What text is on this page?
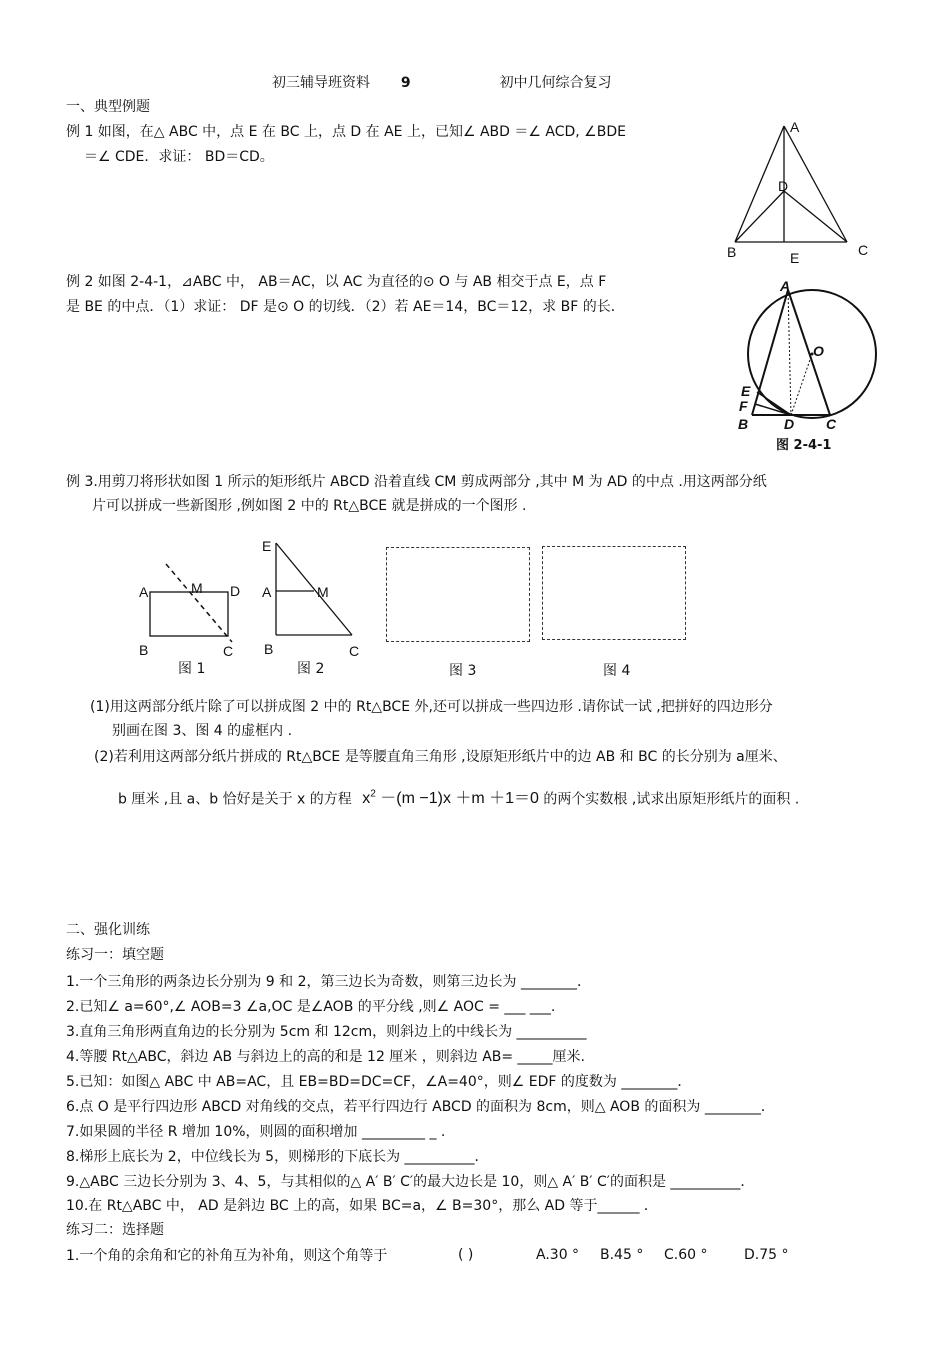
初三辅导班资料 9	初中几何综合复习
一、典型例题
例 1 如图，在△ ABC 中，点 E 在 BC 上，点 D 在 AE 上，已知∠ ABD ＝∠ ACD, ∠BDE
＝∠ CDE．求证： BD＝CD。
A
D
B	E	C
例 2 如图 2-4-1，⊿ABC 中， AB＝AC，以 AC 为直径的⊙ O 与 AB 相交于点 E，点 F
是 BE 的中点．（1）求证： DF 是⊙ O 的切线．（2）若 AE＝14，BC＝12，求 BF 的长．
A
O
E
F
B	D C
图 2-4-1
例 3.用剪刀将形状如图 1 所示的矩形纸片 ABCD 沿着直线 CM 剪成两部分 ,其中 M 为 AD 的中点 .用这两部分纸
片可以拼成一些新图形 ,例如图 2 中的 Rt△BCE 就是拼成的一个图形 .
A	M D
B	C
图 1
E
A	M
B	C
图 2	图 3	图 4
(1)用这两部分纸片除了可以拼成图 2 中的 Rt△BCE 外,还可以拼成一些四边形 .请你试一试 ,把拼好的四边形分
别画在图 3、图 4 的虚框内 .
(2)若利用这两部分纸片拼成的 Rt△BCE 是等腰直角三角形 ,设原矩形纸片中的边 AB 和 BC 的长分别为 a厘米、
b 厘米 ,且 a、b 恰好是关于 x 的方程 $x^2 -(m -1)x +m +1=0$ 的两个实数根 ,试求出原矩形纸片的面积 .
二、强化训练
练习一：填空题
1.一个三角形的两条边长分别为 9 和 2，第三边长为奇数，则第三边长为 ________．
2.已知∠ a=60°,∠ AOB=3 ∠a,OC 是∠AOB 的平分线 ,则∠ AOC = ___ ___.
3.直角三角形两直角边的长分别为 5cm 和 12cm，则斜边上的中线长为 __________
4.等腰 Rt△ABC，斜边 AB 与斜边上的高的和是 12 厘米 ，则斜边 AB= _____厘米.
5.已知：如图△ ABC 中 AB=AC，且 EB=BD=DC=CF，∠A=40°，则∠ EDF 的度数为 ________．
6.点 O 是平行四边形 ABCD 对角线的交点，若平行四边行 ABCD 的面积为 8cm，则△ AOB 的面积为 ________．
7.如果圆的半径 R 增加 10%，则圆的面积增加 _________ _ .
8.梯形上底长为 2，中位线长为 5，则梯形的下底长为 __________．
9.△ABC 三边长分别为 3、4、5，与其相似的△ A′ B′ C′的最大边长是 10，则△ A′ B′ C′的面积是 __________．
10.在 Rt△ABC 中， AD 是斜边 BC 上的高，如果 BC=a，∠ B=30°，那么 AD 等于______ ．
练习二：选择题
1.一个角的余角和它的补角互为补角，则这个角等于	( )	A.30 ° B.45 ° C.60 °	D.75 °
